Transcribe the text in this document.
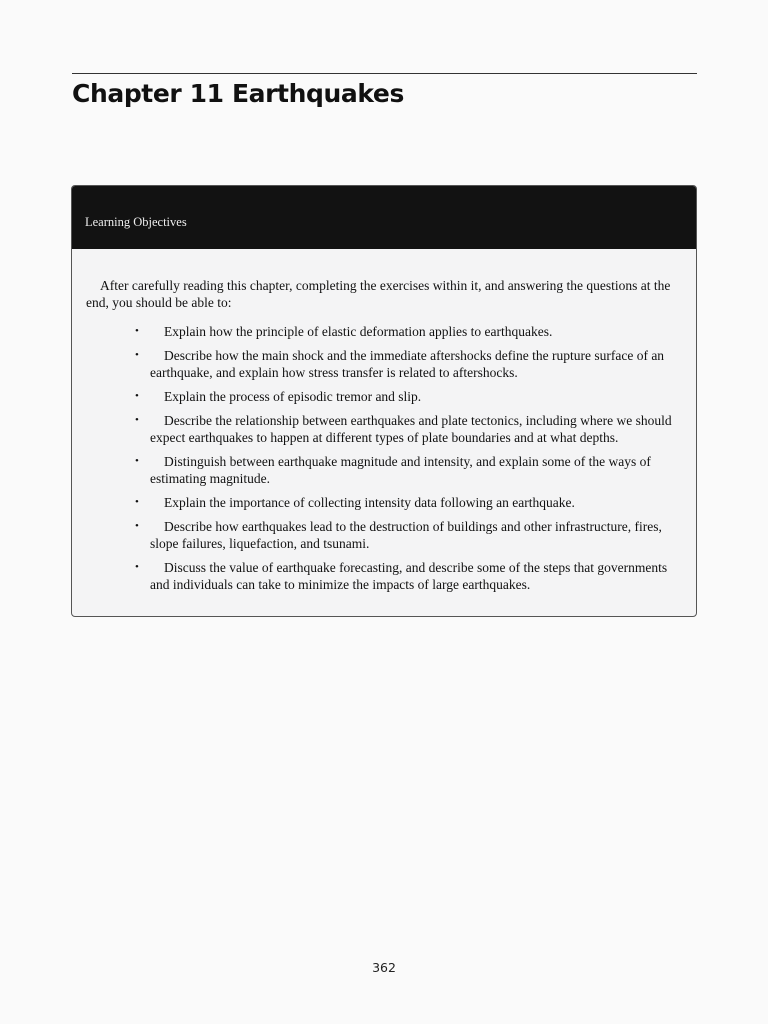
Chapter 11 Earthquakes
Learning Objectives

After carefully reading this chapter, completing the exercises within it, and answering the questions at the end, you should be able to:

• Explain how the principle of elastic deformation applies to earthquakes.
• Describe how the main shock and the immediate aftershocks define the rupture surface of an earthquake, and explain how stress transfer is related to aftershocks.
• Explain the process of episodic tremor and slip.
• Describe the relationship between earthquakes and plate tectonics, including where we should expect earthquakes to happen at different types of plate boundaries and at what depths.
• Distinguish between earthquake magnitude and intensity, and explain some of the ways of estimating magnitude.
• Explain the importance of collecting intensity data following an earthquake.
• Describe how earthquakes lead to the destruction of buildings and other infrastructure, fires, slope failures, liquefaction, and tsunami.
• Discuss the value of earthquake forecasting, and describe some of the steps that governments and individuals can take to minimize the impacts of large earthquakes.
362
